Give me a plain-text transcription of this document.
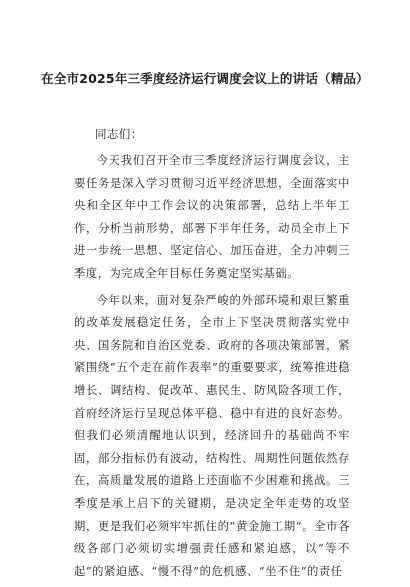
在全市2025年三季度经济运行调度会议上的讲话（精品）
同志们：

今天我们召开全市三季度经济运行调度会议，主要任务是深入学习贯彻习近平经济思想，全面落实中央和全区年中工作会议的决策部署，总结上半年工作，分析当前形势，部署下半年任务，动员全市上下进一步统一思想、坚定信心、加压奋进，全力冲刺三季度，为完成全年目标任务奠定坚实基础。

今年以来，面对复杂严峻的外部环境和艰巨繁重的改革发展稳定任务，全市上下坚决贯彻落实党中央、国务院和自治区党委、政府的各项决策部署，紧紧围绕“五个走在前作表率”的重要要求，统筹推进稳增长、调结构、促改革、惠民生、防风险各项工作，首府经济运行呈现总体平稳、稳中有进的良好态势。但我们必须清醒地认识到，经济回升的基础尚不牢固，部分指标仍有波动，结构性、周期性问题依然存在，高质量发展的道路上还面临不少困难和挑战。三季度是承上启下的关键期，是决定全年走势的攻坚期，更是我们必须牢牢抓住的“黄金施工期”。全市各级各部门必须切实增强责任感和紧迫感，以“等不起”的紧迫感、“慢不得”的危机感、“坐不住”的责任
